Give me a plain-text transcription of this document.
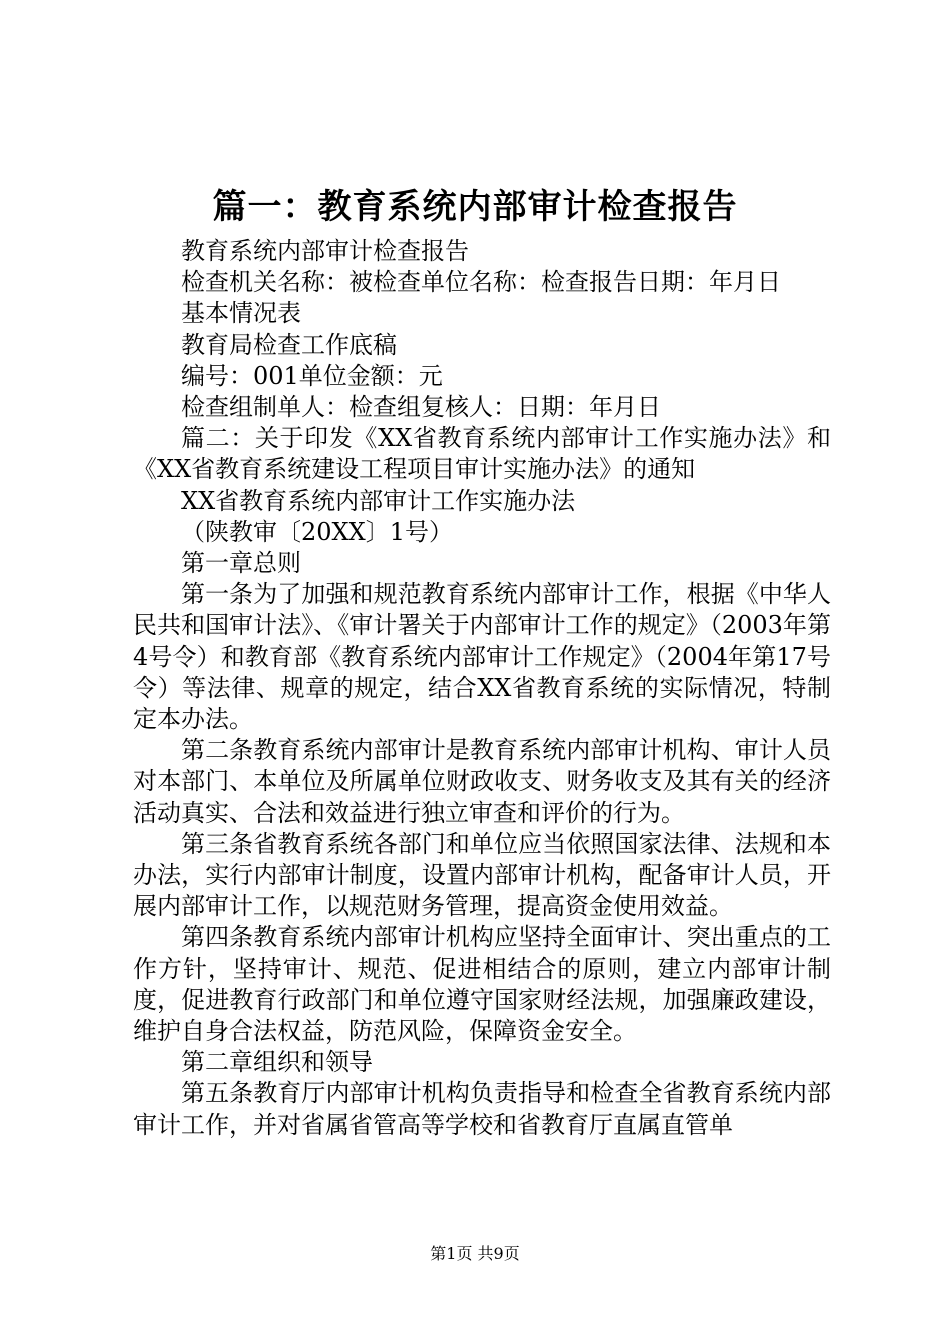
篇一：教育系统内部审计检查报告

教育系统内部审计检查报告

检查机关名称：被检查单位名称：检查报告日期：年月日

基本情况表

教育局检查工作底稿

编号：001单位金额：元

检查组制单人：检查组复核人：日期：年月日

篇二：关于印发《XX省教育系统内部审计工作实施办法》和《XX省教育系统建设工程项目审计实施办法》的通知

XX省教育系统内部审计工作实施办法

（陕教审〔20XX〕1号）

第一章总则

第一条为了加强和规范教育系统内部审计工作，根据《中华人民共和国审计法》、《审计署关于内部审计工作的规定》（2003年第4号令）和教育部《教育系统内部审计工作规定》（2004年第17号令）等法律、规章的规定，结合XX省教育系统的实际情况，特制定本办法。

第二条教育系统内部审计是教育系统内部审计机构、审计人员对本部门、本单位及所属单位财政收支、财务收支及其有关的经济活动真实、合法和效益进行独立审查和评价的行为。

第三条省教育系统各部门和单位应当依照国家法律、法规和本办法，实行内部审计制度，设置内部审计机构，配备审计人员，开展内部审计工作，以规范财务管理，提高资金使用效益。

第四条教育系统内部审计机构应坚持全面审计、突出重点的工作方针，坚持审计、规范、促进相结合的原则，建立内部审计制度，促进教育行政部门和单位遵守国家财经法规，加强廉政建设，维护自身合法权益，防范风险，保障资金安全。

第二章组织和领导

第五条教育厅内部审计机构负责指导和检查全省教育系统内部审计工作，并对省属省管高等学校和省教育厅直属直管单

第1页 共9页
